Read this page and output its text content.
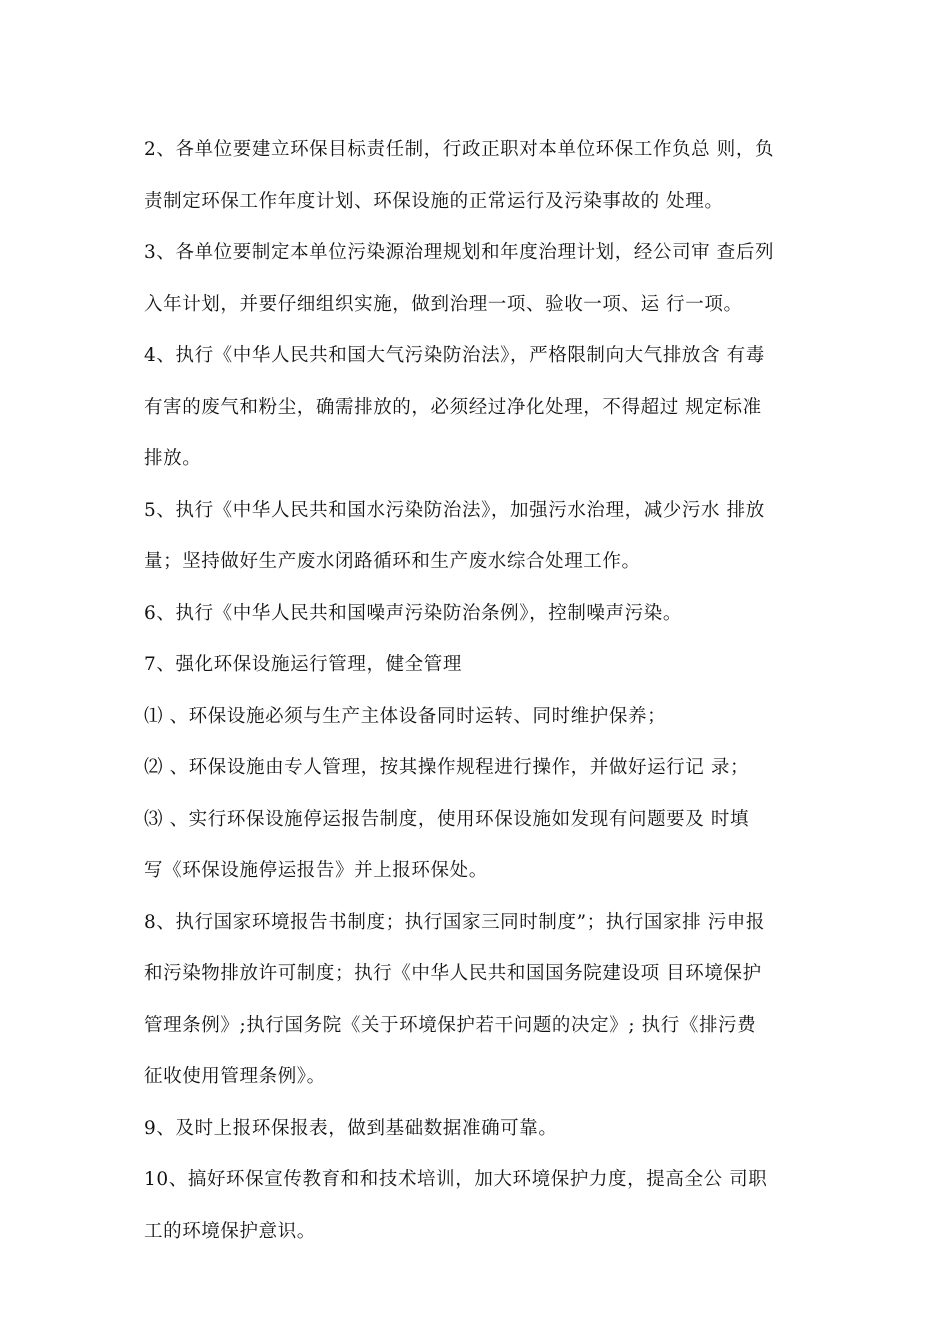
2、各单位要建立环保目标责任制，行政正职对本单位环保工作负总 则，负
责制定环保工作年度计划、环保设施的正常运行及污染事故的 处理。

3、各单位要制定本单位污染源治理规划和年度治理计划，经公司审 查后列
入年计划，并要仔细组织实施，做到治理一项、验收一项、运 行一项。

4、执行《中华人民共和国大气污染防治法》，严格限制向大气排放含 有毒
有害的废气和粉尘，确需排放的，必须经过净化处理，不得超过 规定标准
排放。

5、执行《中华人民共和国水污染防治法》，加强污水治理，减少污水 排放
量；坚持做好生产废水闭路循环和生产废水综合处理工作。

6、执行《中华人民共和国噪声污染防治条例》，控制噪声污染。

7、强化环保设施运行管理，健全管理

⑴ 、环保设施必须与生产主体设备同时运转、同时维护保养；

⑵ 、环保设施由专人管理，按其操作规程进行操作，并做好运行记 录；

⑶ 、实行环保设施停运报告制度，使用环保设施如发现有问题要及 时填
写《环保设施停运报告》并上报环保处。

8、执行国家环境报告书制度；执行国家三同时制度”；执行国家排 污申报
和污染物排放许可制度；执行《中华人民共和国国务院建设项 目环境保护
管理条例》;执行国务院《关于环境保护若干问题的决定》; 执行《排污费
征收使用管理条例》。

9、及时上报环保报表，做到基础数据准确可靠。

10、搞好环保宣传教育和和技术培训，加大环境保护力度，提高全公 司职
工的环境保护意识。
